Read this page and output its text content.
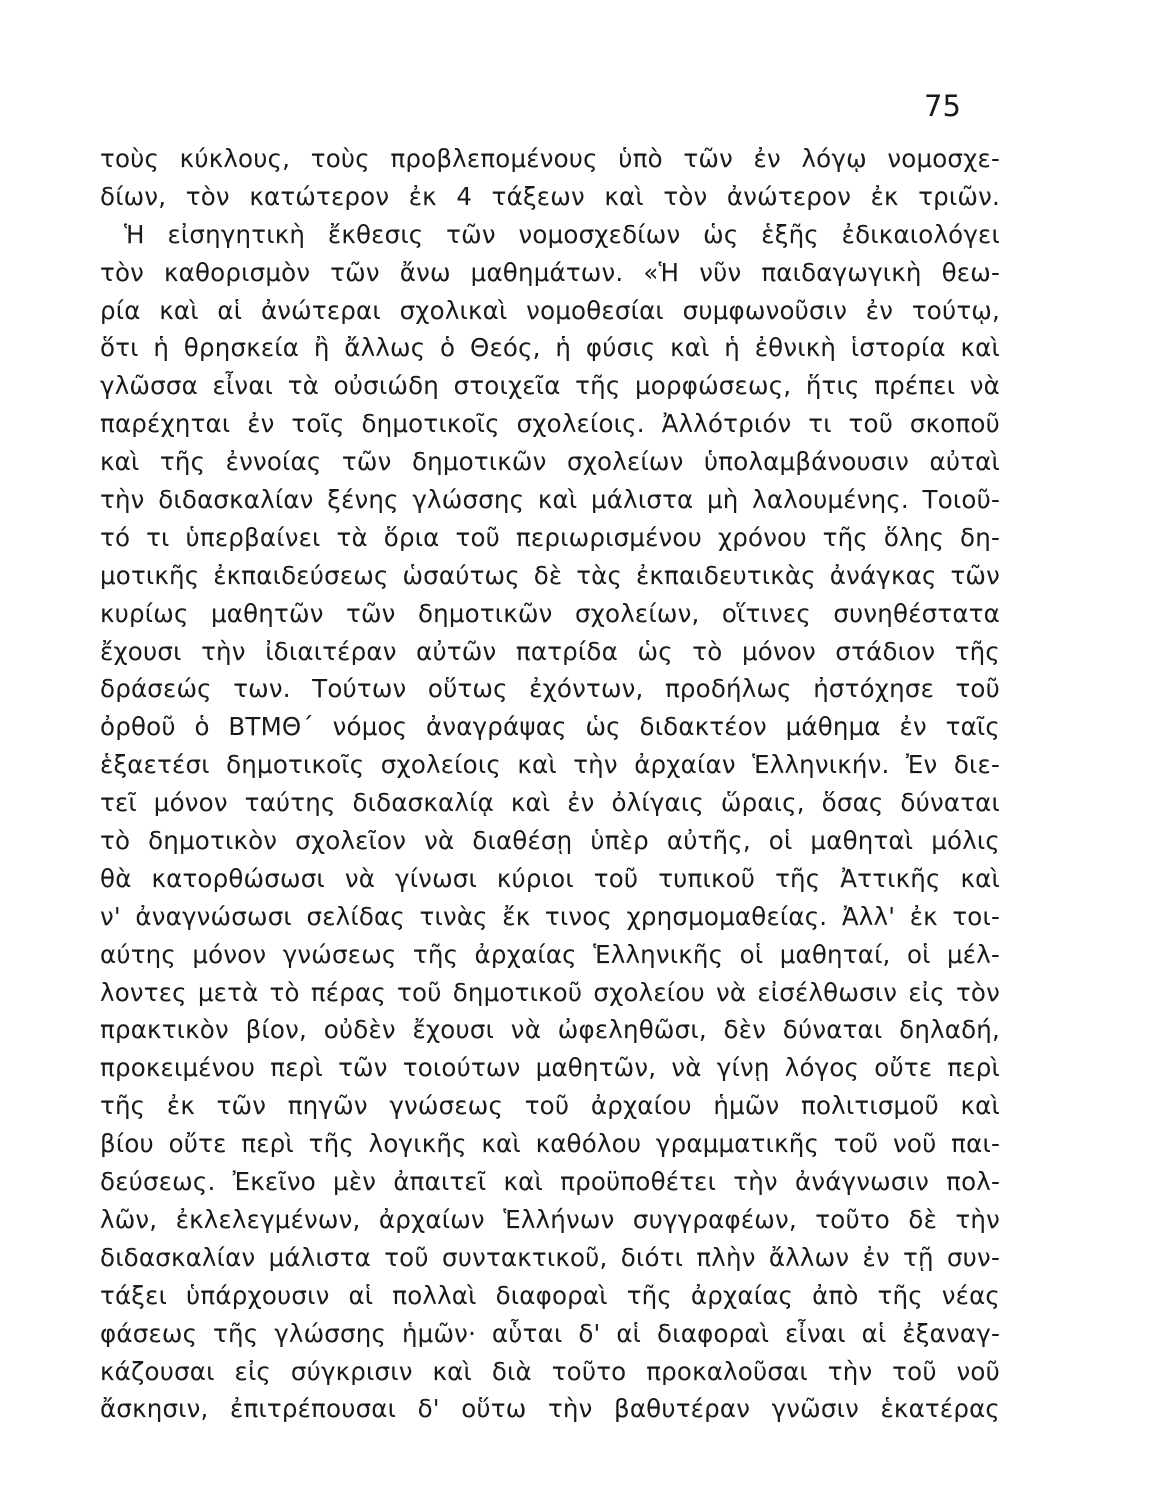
75
τοὺς κύκλους, τοὺς προβλεπομένους ὑπὸ τῶν ἐν λόγῳ νομοσχε-
δίων, τὸν κατώτερον ἐκ 4 τάξεων καὶ τὸν ἀνώτερον ἐκ τριῶν.
Ἡ εἰσηγητικὴ ἔκθεσις τῶν νομοσχεδίων ὡς ἑξῆς ἐδικαιολόγει
τὸν καθορισμὸν τῶν ἄνω μαθημάτων. «Ἡ νῦν παιδαγωγικὴ θεω-
ρία καὶ αἱ ἀνώτεραι σχολικαὶ νομοθεσίαι συμφωνοῦσιν ἐν τούτῳ,
ὅτι ἡ θρησκεία ἢ ἄλλως ὁ Θεός, ἡ φύσις καὶ ἡ ἐθνικὴ ἱστορία καὶ
γλῶσσα εἶναι τὰ οὐσιώδη στοιχεῖα τῆς μορφώσεως, ἥτις πρέπει νὰ
παρέχηται ἐν τοῖς δημοτικοῖς σχολείοις. Ἀλλότριόν τι τοῦ σκοποῦ
καὶ τῆς ἐννοίας τῶν δημοτικῶν σχολείων ὑπολαμβάνουσιν αὐταὶ
τὴν διδασκαλίαν ξένης γλώσσης καὶ μάλιστα μὴ λαλουμένης. Τοιοῦ-
τό τι ὑπερβαίνει τὰ ὅρια τοῦ περιωρισμένου χρόνου τῆς ὅλης δη-
μοτικῆς ἐκπαιδεύσεως ὡσαύτως δὲ τὰς ἐκπαιδευτικὰς ἀνάγκας τῶν
κυρίως μαθητῶν τῶν δημοτικῶν σχολείων, οἵτινες συνηθέστατα
ἔχουσι τὴν ἰδιαιτέραν αὐτῶν πατρίδα ὡς τὸ μόνον στάδιον τῆς
δράσεώς των. Τούτων οὕτως ἐχόντων, προδήλως ἠστόχησε τοῦ
ὀρθοῦ ὁ ΒΤΜΘ΄ νόμος ἀναγράψας ὡς διδακτέον μάθημα ἐν ταῖς
ἑξαετέσι δημοτικοῖς σχολείοις καὶ τὴν ἀρχαίαν Ἑλληνικήν. Ἐν διε-
τεῖ μόνον ταύτης διδασκαλίᾳ καὶ ἐν ὀλίγαις ὥραις, ὅσας δύναται
τὸ δημοτικὸν σχολεῖον νὰ διαθέσῃ ὑπὲρ αὐτῆς, οἱ μαθηταὶ μόλις
θὰ κατορθώσωσι νὰ γίνωσι κύριοι τοῦ τυπικοῦ τῆς Ἀττικῆς καὶ
ν' ἀναγνώσωσι σελίδας τινὰς ἔκ τινος χρησμομαθείας. Ἀλλ' ἐκ τοι-
αύτης μόνον γνώσεως τῆς ἀρχαίας Ἑλληνικῆς οἱ μαθηταί, οἱ μέλ-
λοντες μετὰ τὸ πέρας τοῦ δημοτικοῦ σχολείου νὰ εἰσέλθωσιν εἰς τὸν
πρακτικὸν βίον, οὐδὲν ἔχουσι νὰ ὠφεληθῶσι, δὲν δύναται δηλαδή,
προκειμένου περὶ τῶν τοιούτων μαθητῶν, νὰ γίνῃ λόγος οὔτε περὶ
τῆς ἐκ τῶν πηγῶν γνώσεως τοῦ ἀρχαίου ἡμῶν πολιτισμοῦ καὶ
βίου οὔτε περὶ τῆς λογικῆς καὶ καθόλου γραμματικῆς τοῦ νοῦ παι-
δεύσεως. Ἐκεῖνο μὲν ἀπαιτεῖ καὶ προϋποθέτει τὴν ἀνάγνωσιν πολ-
λῶν, ἐκλελεγμένων, ἀρχαίων Ἑλλήνων συγγραφέων, τοῦτο δὲ τὴν
διδασκαλίαν μάλιστα τοῦ συντακτικοῦ, διότι πλὴν ἄλλων ἐν τῇ συν-
τάξει ὑπάρχουσιν αἱ πολλαὶ διαφοραὶ τῆς ἀρχαίας ἀπὸ τῆς νέας
φάσεως τῆς γλώσσης ἡμῶν· αὗται δ' αἱ διαφοραὶ εἶναι αἱ ἐξαναγ-
κάζουσαι εἰς σύγκρισιν καὶ διὰ τοῦτο προκαλοῦσαι τὴν τοῦ νοῦ
ἄσκησιν, ἐπιτρέπουσαι δ' οὕτω τὴν βαθυτέραν γνῶσιν ἑκατέρας
